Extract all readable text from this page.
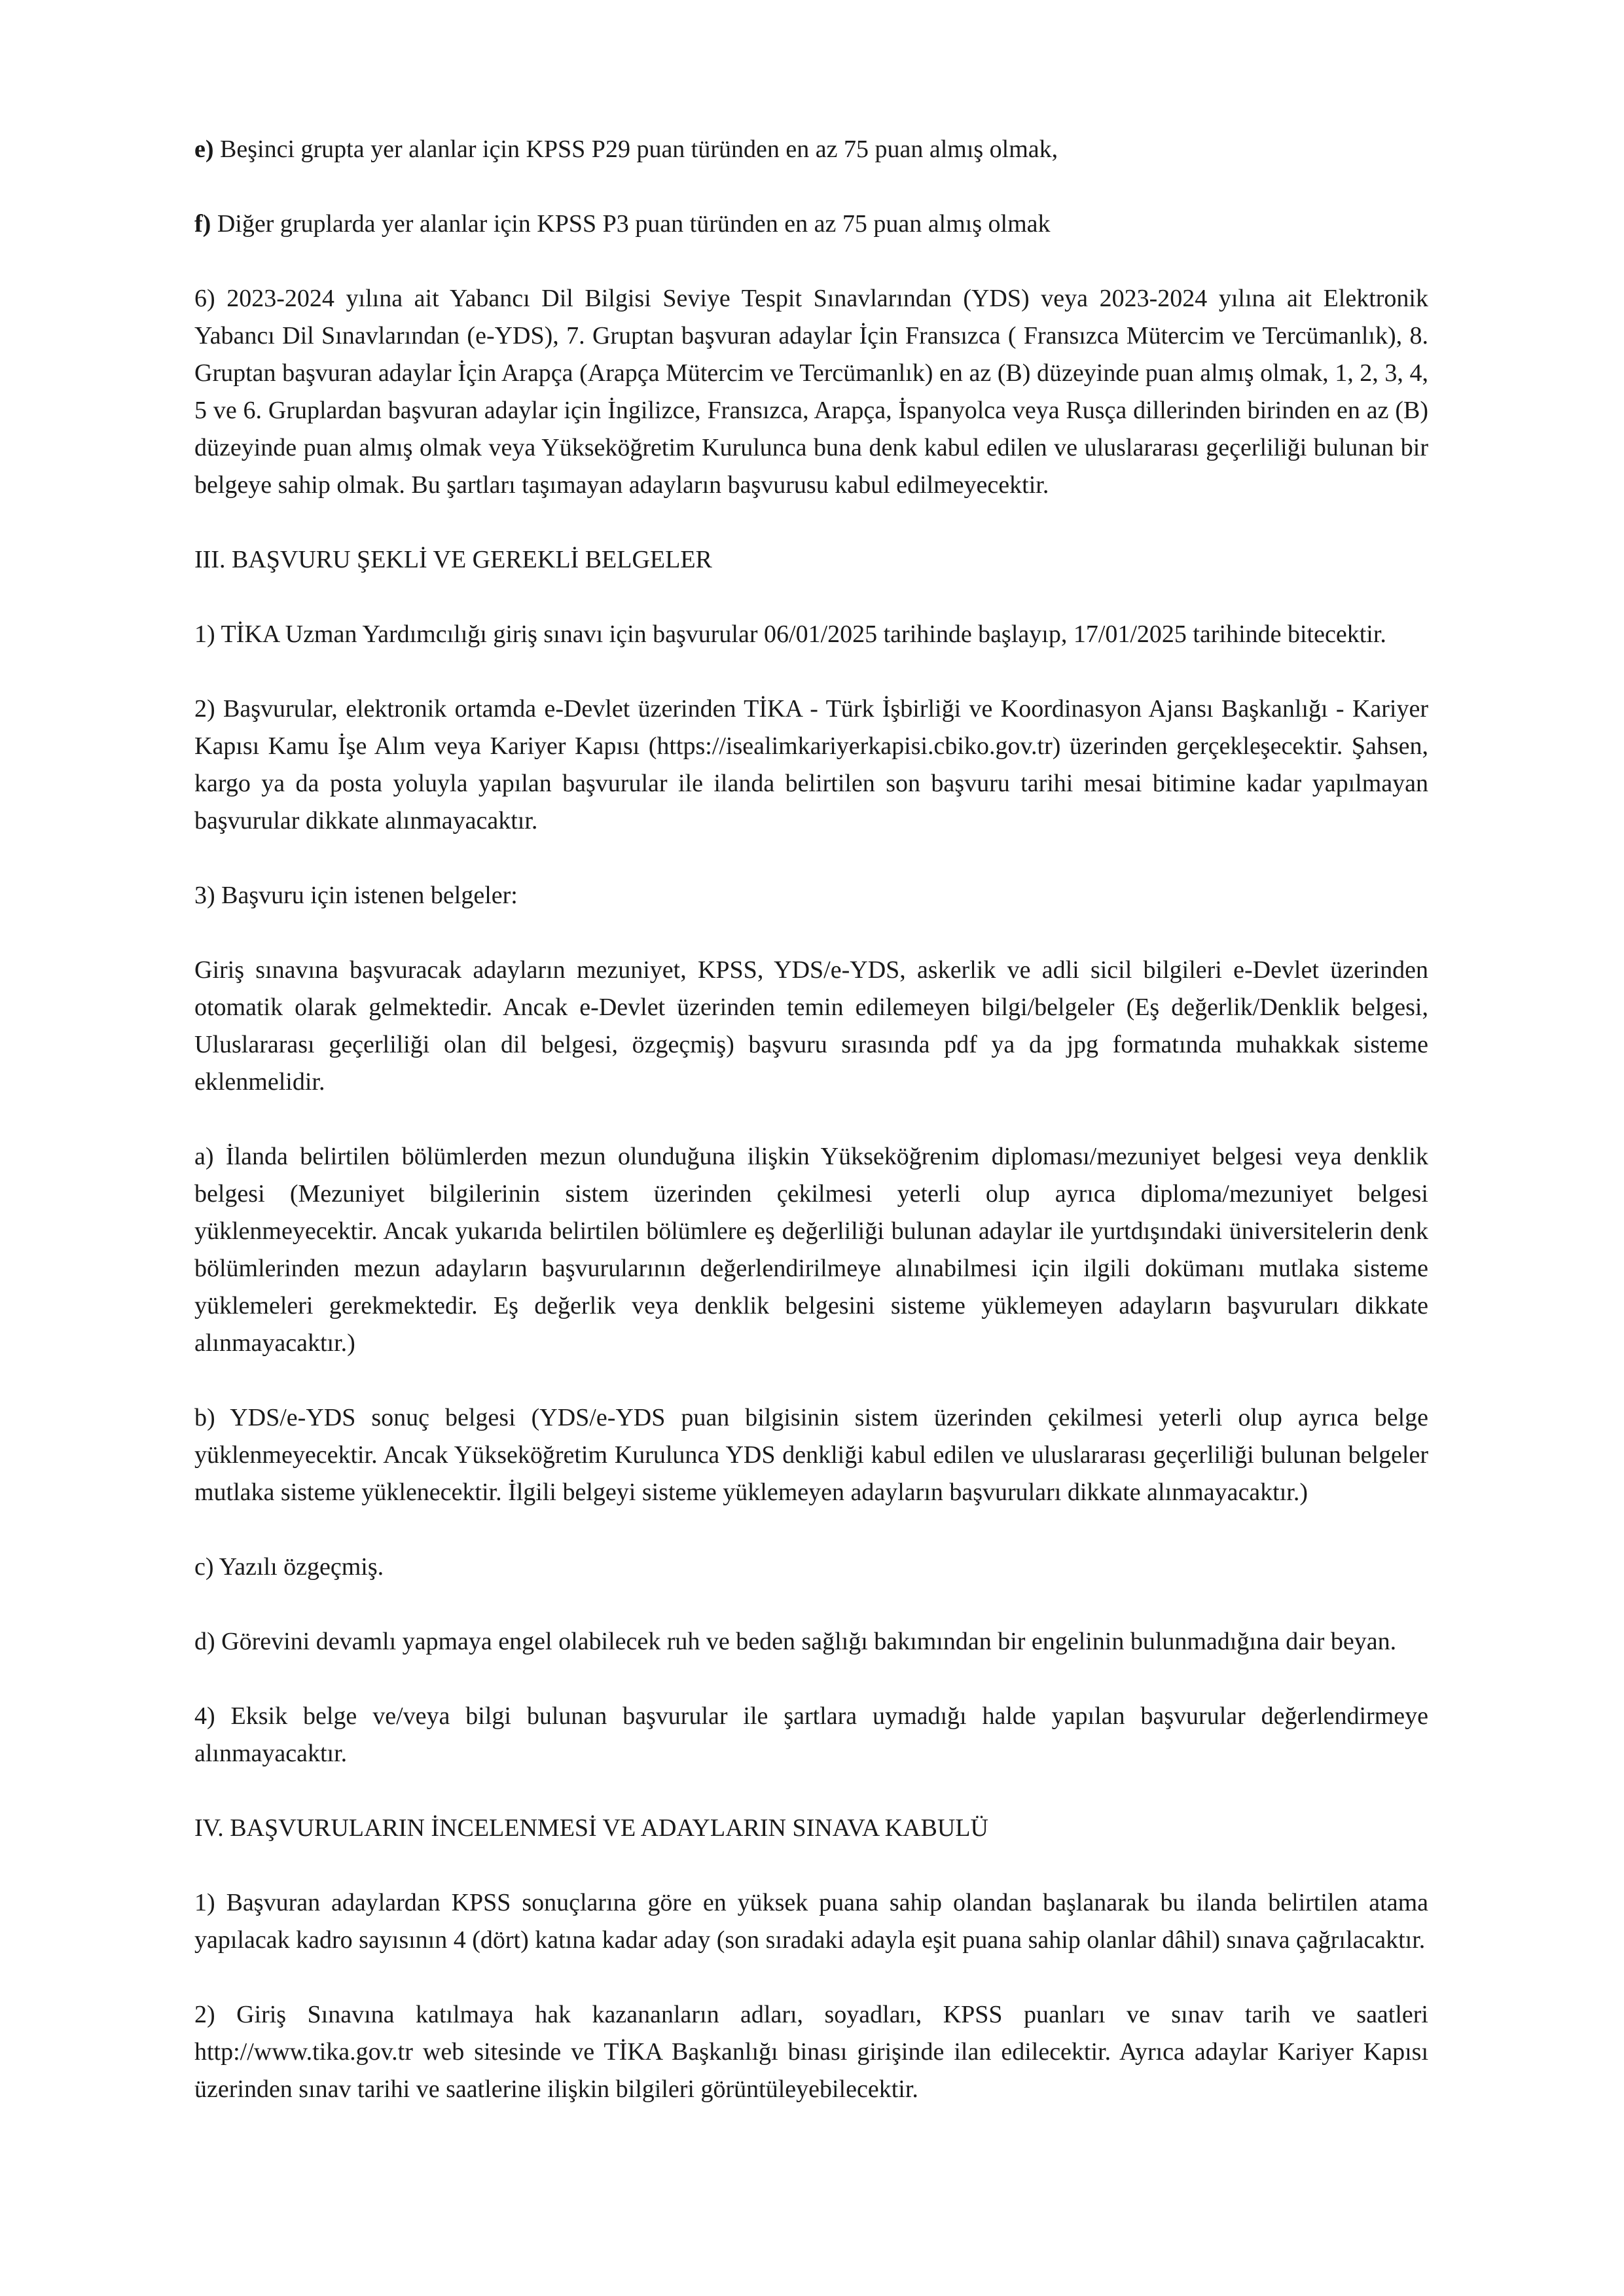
e) Beşinci grupta yer alanlar için KPSS P29 puan türünden en az 75 puan almış olmak,

f) Diğer gruplarda yer alanlar için KPSS P3 puan türünden en az 75 puan almış olmak

6) 2023-2024 yılına ait Yabancı Dil Bilgisi Seviye Tespit Sınavlarından (YDS) veya 2023-2024 yılına ait Elektronik Yabancı Dil Sınavlarından (e-YDS), 7. Gruptan başvuran adaylar İçin Fransızca ( Fransızca Mütercim ve Tercümanlık), 8. Gruptan başvuran adaylar İçin Arapça (Arapça Mütercim ve Tercümanlık) en az (B) düzeyinde puan almış olmak, 1, 2, 3, 4, 5 ve 6. Gruplardan başvuran adaylar için İngilizce, Fransızca, Arapça, İspanyolca veya Rusça dillerinden birinden en az (B) düzeyinde puan almış olmak veya Yükseköğretim Kurulunca buna denk kabul edilen ve uluslararası geçerliliği bulunan bir belgeye sahip olmak. Bu şartları taşımayan adayların başvurusu kabul edilmeyecektir.

III. BAŞVURU ŞEKLİ VE GEREKLİ BELGELER

1) TİKA Uzman Yardımcılığı giriş sınavı için başvurular 06/01/2025 tarihinde başlayıp, 17/01/2025 tarihinde bitecektir.

2) Başvurular, elektronik ortamda e-Devlet üzerinden TİKA - Türk İşbirliği ve Koordinasyon Ajansı Başkanlığı - Kariyer Kapısı Kamu İşe Alım veya Kariyer Kapısı (https://isealimkariyerkapisi.cbiko.gov.tr) üzerinden gerçekleşecektir. Şahsen, kargo ya da posta yoluyla yapılan başvurular ile ilanda belirtilen son başvuru tarihi mesai bitimine kadar yapılmayan başvurular dikkate alınmayacaktır.

3) Başvuru için istenen belgeler:

Giriş sınavına başvuracak adayların mezuniyet, KPSS, YDS/e-YDS, askerlik ve adli sicil bilgileri e-Devlet üzerinden otomatik olarak gelmektedir. Ancak e-Devlet üzerinden temin edilemeyen bilgi/belgeler (Eş değerlik/Denklik belgesi, Uluslararası geçerliliği olan dil belgesi, özgeçmiş) başvuru sırasında pdf ya da jpg formatında muhakkak sisteme eklenmelidir.

a) İlanda belirtilen bölümlerden mezun olunduğuna ilişkin Yükseköğrenim diploması/mezuniyet belgesi veya denklik belgesi (Mezuniyet bilgilerinin sistem üzerinden çekilmesi yeterli olup ayrıca diploma/mezuniyet belgesi yüklenmeyecektir. Ancak yukarıda belirtilen bölümlere eş değerliliği bulunan adaylar ile yurtdışındaki üniversitelerin denk bölümlerinden mezun adayların başvurularının değerlendirilmeye alınabilmesi için ilgili dokümanı mutlaka sisteme yüklemeleri gerekmektedir. Eş değerlik veya denklik belgesini sisteme yüklemeyen adayların başvuruları dikkate alınmayacaktır.)

b) YDS/e-YDS sonuç belgesi (YDS/e-YDS puan bilgisinin sistem üzerinden çekilmesi yeterli olup ayrıca belge yüklenmeyecektir. Ancak Yükseköğretim Kurulunca YDS denkliği kabul edilen ve uluslararası geçerliliği bulunan belgeler mutlaka sisteme yüklenecektir. İlgili belgeyi sisteme yüklemeyen adayların başvuruları dikkate alınmayacaktır.)

c) Yazılı özgeçmiş.

d) Görevini devamlı yapmaya engel olabilecek ruh ve beden sağlığı bakımından bir engelinin bulunmadığına dair beyan.

4) Eksik belge ve/veya bilgi bulunan başvurular ile şartlara uymadığı halde yapılan başvurular değerlendirmeye alınmayacaktır.

IV. BAŞVURULARIN İNCELENMESİ VE ADAYLARIN SINAVA KABULÜ

1) Başvuran adaylardan KPSS sonuçlarına göre en yüksek puana sahip olandan başlanarak bu ilanda belirtilen atama yapılacak kadro sayısının 4 (dört) katına kadar aday (son sıradaki adayla eşit puana sahip olanlar dâhil) sınava çağrılacaktır.

2) Giriş Sınavına katılmaya hak kazananların adları, soyadları, KPSS puanları ve sınav tarih ve saatleri http://www.tika.gov.tr web sitesinde ve TİKA Başkanlığı binası girişinde ilan edilecektir. Ayrıca adaylar Kariyer Kapısı üzerinden sınav tarihi ve saatlerine ilişkin bilgileri görüntüleyebilecektir.
